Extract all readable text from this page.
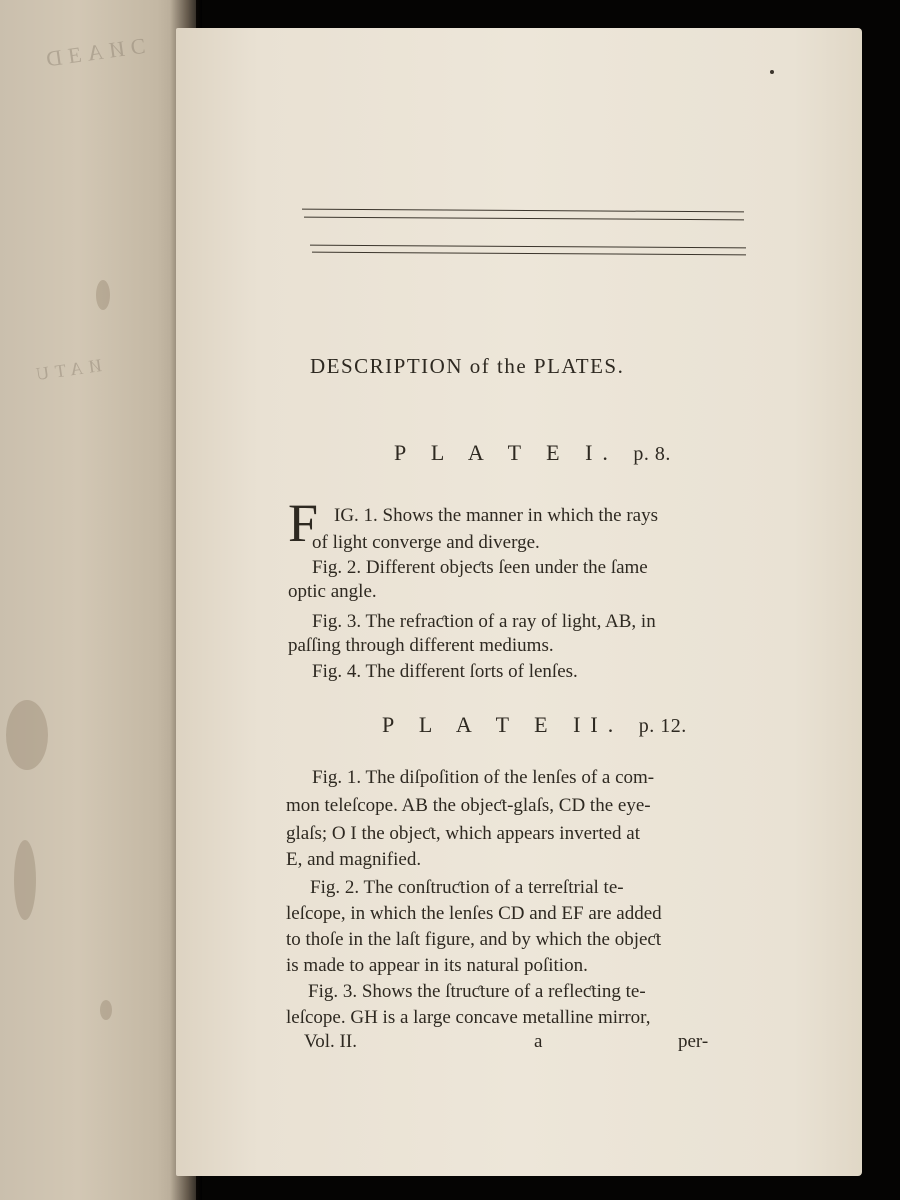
ƆИAƎD
ИATU	DESCRIPTION of the PLATES.
P L A T E I. p. 8.
F IG. 1. Shows the manner in which the rays
of light converge and diverge.
Fig. 2. Different objeƈts ſeen under the ſame
optic angle.
Fig. 3. The refraƈtion of a ray of light, AB, in
paſſing through different mediums.
Fig. 4. The different ſorts of lenſes.
P L A T E II. p. 12.
Fig. 1. The diſpoſition of the lenſes of a com-
mon teleſcope. AB the objeƈt-glaſs, CD the eye-
glaſs; O I the objeƈt, which appears inverted at
E, and magnified.
Fig. 2. The conſtruƈtion of a terreſtrial te-
leſcope, in which the lenſes CD and EF are added
to thoſe in the laſt figure, and by which the objeƈt
is made to appear in its natural poſition.
Fig. 3. Shows the ſtruƈture of a refleƈting te-
leſcope. GH is a large concave metalline mirror,
Vol. II.	a	per-
